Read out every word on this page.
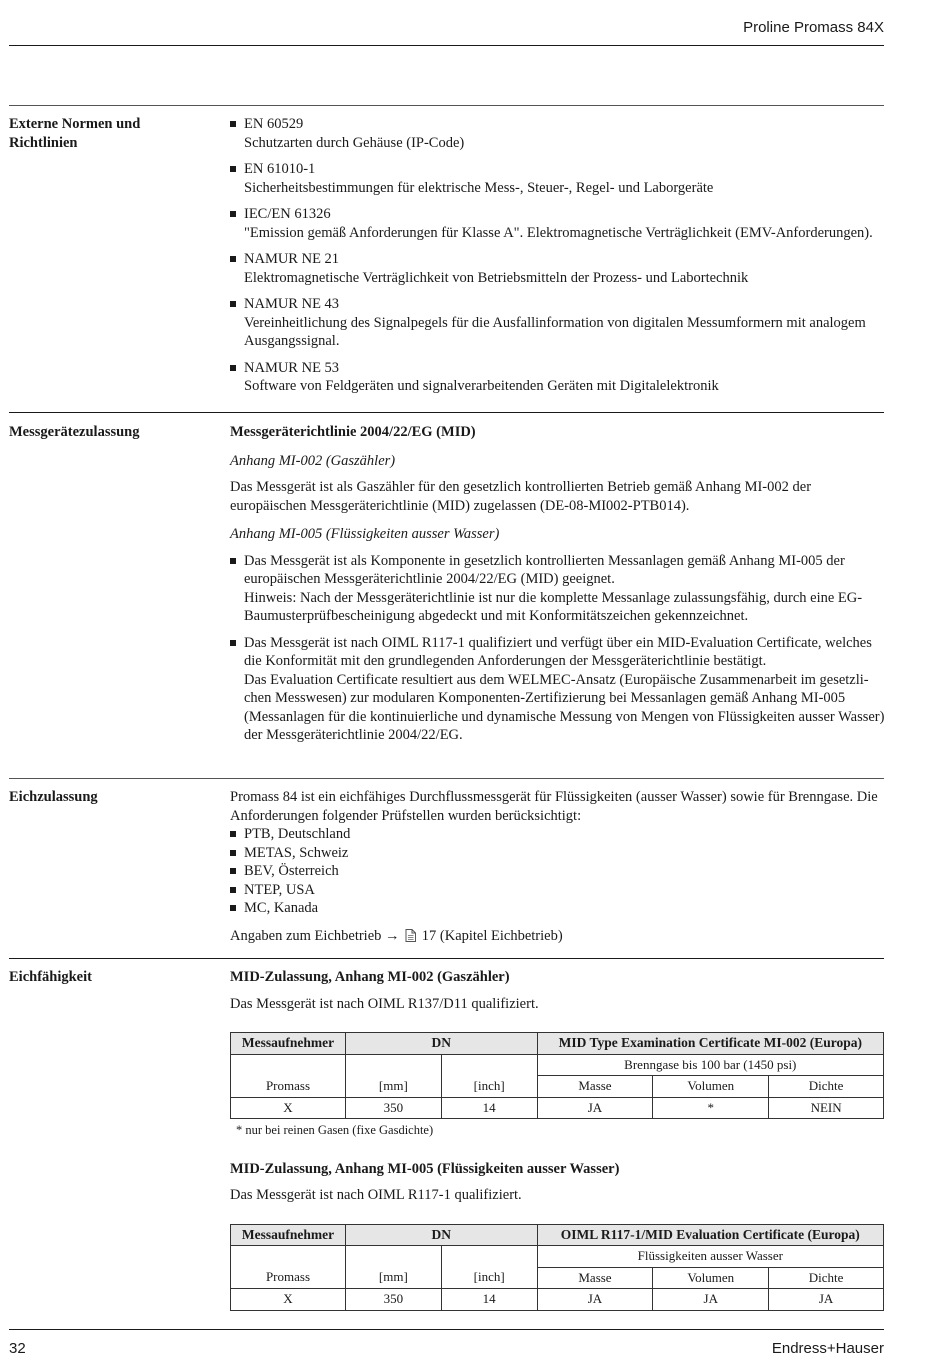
Proline Promass 84X
Externe Normen und Richtlinien
EN 60529
Schutzarten durch Gehäuse (IP-Code)
EN 61010-1
Sicherheitsbestimmungen für elektrische Mess-, Steuer-, Regel- und Laborgeräte
IEC/EN 61326
"Emission gemäß Anforderungen für Klasse A". Elektromagnetische Verträglichkeit (EMV-Anforderungen).
NAMUR NE 21
Elektromagnetische Verträglichkeit von Betriebsmitteln der Prozess- und Labortechnik
NAMUR NE 43
Vereinheitlichung des Signalpegels für die Ausfallinformation von digitalen Messumformern mit analogem Ausgangssignal.
NAMUR NE 53
Software von Feldgeräten und signalverarbeitenden Geräten mit Digitalelektronik
Messgerätezulassung	Messgeräterichtlinie 2004/22/EG (MID)
Anhang MI-002 (Gaszähler)

Das Messgerät ist als Gaszähler für den gesetzlich kontrollierten Betrieb gemäß Anhang MI-002 der europäischen Messgeräterichtlinie (MID) zugelassen (DE-08-MI002-PTB014).

Anhang MI-005 (Flüssigkeiten ausser Wasser)
Das Messgerät ist als Komponente in gesetzlich kontrollierten Messanlagen gemäß Anhang MI-005 der europäischen Messgeräterichtlinie 2004/22/EG (MID) geeignet.
Hinweis: Nach der Messgeräterichtlinie ist nur die komplette Messanlage zulassungsfähig, durch eine EG-Baumusterprüfbescheinigung abgedeckt und mit Konformitätszeichen gekennzeichnet.
Das Messgerät ist nach OIML R117-1 qualifiziert und verfügt über ein MID-Evaluation Certificate, welches die Konformität mit den grundlegenden Anforderungen der Messgeräterichtlinie bestätigt.
Das Evaluation Certificate resultiert aus dem WELMEC-Ansatz (Europäische Zusammenarbeit im gesetzli-chen Messwesen) zur modularen Komponenten-Zertifizierung bei Messanlagen gemäß Anhang MI-005 (Messanlagen für die kontinuierliche und dynamische Messung von Mengen von Flüssigkeiten ausser Wasser) der Messgeräterichtlinie 2004/22/EG.
Eichzulassung	Promass 84 ist ein eichfähiges Durchflussmessgerät für Flüssigkeiten (ausser Wasser) sowie für Brenngase. Die Anforderungen folgender Prüfstellen wurden berücksichtigt:
PTB, Deutschland
METAS, Schweiz
BEV, Österreich
NTEP, USA
MC, Kanada
Angaben zum Eichbetrieb → 17 (Kapitel Eichbetrieb)
Eichfähigkeit	MID-Zulassung, Anhang MI-002 (Gaszähler)

Das Messgerät ist nach OIML R137/D11 qualifiziert.

Messaufnehmer	DN		MID Type Examination Certificate MI-002 (Europa)		
			Brenngase bis 100 bar (1450 psi)		
Promass	[mm]	[inch]	Masse	Volumen	Dichte
X	350	14	JA	*	NEIN
* nur bei reinen Gasen (fixe Gasdichte)
MID-Zulassung, Anhang MI-005 (Flüssigkeiten ausser Wasser)

Das Messgerät ist nach OIML R117-1 qualifiziert.

Messaufnehmer	DN		OIML R117-1/MID Evaluation Certificate (Europa)		
			Flüssigkeiten ausser Wasser		
Promass	[mm]	[inch]	Masse	Volumen	Dichte
X	350	14	JA	JA	JA
32	Endress+Hauser
